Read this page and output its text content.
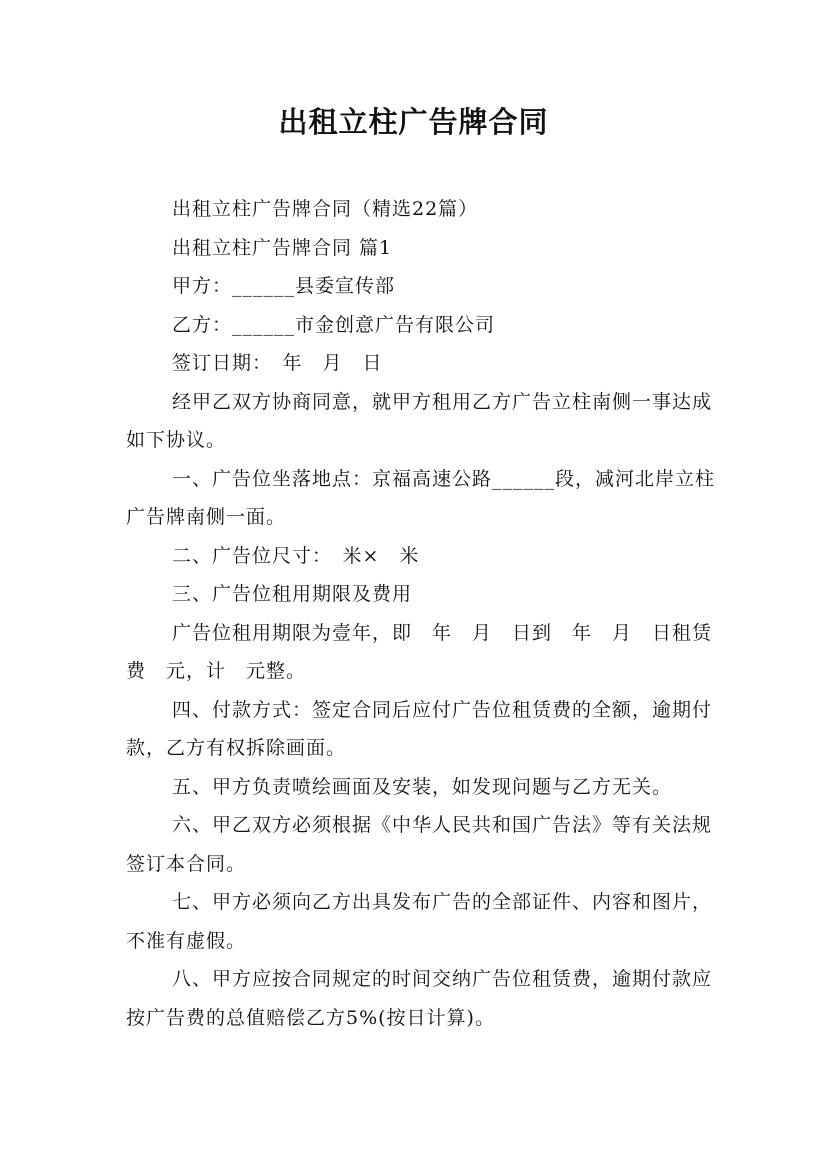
出租立柱广告牌合同

出租立柱广告牌合同（精选22篇）

出租立柱广告牌合同 篇1

甲方：______县委宣传部

乙方：______市金创意广告有限公司

签订日期：　年　月　日

经甲乙双方协商同意，就甲方租用乙方广告立柱南侧一事达成如下协议。

一、广告位坐落地点：京福高速公路______段，减河北岸立柱广告牌南侧一面。

二、广告位尺寸：　米×　米

三、广告位租用期限及费用

广告位租用期限为壹年，即　年　月　日到　年　月　日租赁费　元，计　元整。

四、付款方式：签定合同后应付广告位租赁费的全额，逾期付款，乙方有权拆除画面。

五、甲方负责喷绘画面及安装，如发现问题与乙方无关。

六、甲乙双方必须根据《中华人民共和国广告法》等有关法规签订本合同。

七、甲方必须向乙方出具发布广告的全部证件、内容和图片，不准有虚假。

八、甲方应按合同规定的时间交纳广告位租赁费，逾期付款应按广告费的总值赔偿乙方5%(按日计算)。
